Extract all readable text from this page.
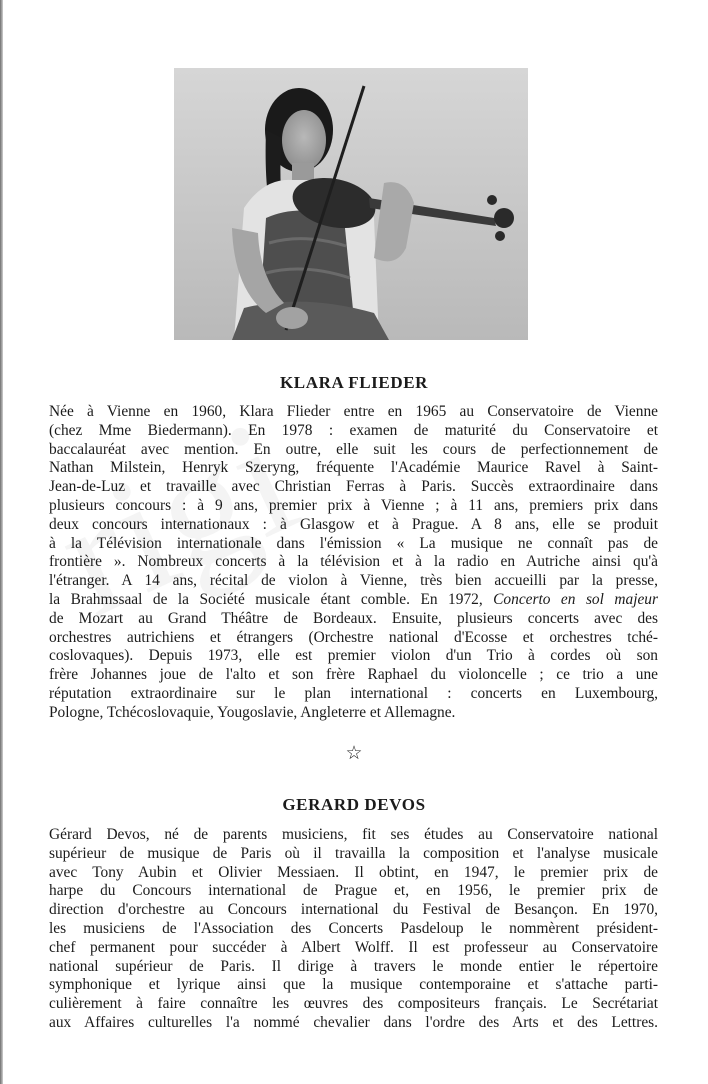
KLARA FLIEDER
Née à Vienne en 1960, Klara Flieder entre en 1965 au Conservatoire de Vienne
(chez Mme Biedermann). En 1978 : examen de maturité du Conservatoire et
baccalauréat avec mention. En outre, elle suit les cours de perfectionnement de
Nathan Milstein, Henryk Szeryng, fréquente l'Académie Maurice Ravel à Saint-
Jean-de-Luz et travaille avec Christian Ferras à Paris. Succès extraordinaire dans
plusieurs concours : à 9 ans, premier prix à Vienne ; à 11 ans, premiers prix dans
deux concours internationaux : à Glasgow et à Prague. A 8 ans, elle se produit
à la Télévision internationale dans l'émission « La musique ne connaît pas de
frontière ». Nombreux concerts à la télévision et à la radio en Autriche ainsi qu'à
l'étranger. A 14 ans, récital de violon à Vienne, très bien accueilli par la presse,
la Brahmssaal de la Société musicale étant comble. En 1972, Concerto en sol majeur
de Mozart au Grand Théâtre de Bordeaux. Ensuite, plusieurs concerts avec des
orchestres autrichiens et étrangers (Orchestre national d'Ecosse et orchestres tché-
coslovaques). Depuis 1973, elle est premier violon d'un Trio à cordes où son
frère Johannes joue de l'alto et son frère Raphael du violoncelle ; ce trio a une
réputation extraordinaire sur le plan international : concerts en Luxembourg,
Pologne, Tchécoslovaquie, Yougoslavie, Angleterre et Allemagne.
☆
GERARD DEVOS
Gérard Devos, né de parents musiciens, fit ses études au Conservatoire national
supérieur de musique de Paris où il travailla la composition et l'analyse musicale
avec Tony Aubin et Olivier Messiaen. Il obtint, en 1947, le premier prix de
harpe du Concours international de Prague et, en 1956, le premier prix de
direction d'orchestre au Concours international du Festival de Besançon. En 1970,
les musiciens de l'Association des Concerts Pasdeloup le nommèrent président-
chef permanent pour succéder à Albert Wolff. Il est professeur au Conservatoire
national supérieur de Paris. Il dirige à travers le monde entier le répertoire
symphonique et lyrique ainsi que la musique contemporaine et s'attache parti-
culièrement à faire connaître les œuvres des compositeurs français. Le Secrétariat
aux Affaires culturelles l'a nommé chevalier dans l'ordre des Arts et des Lettres.
